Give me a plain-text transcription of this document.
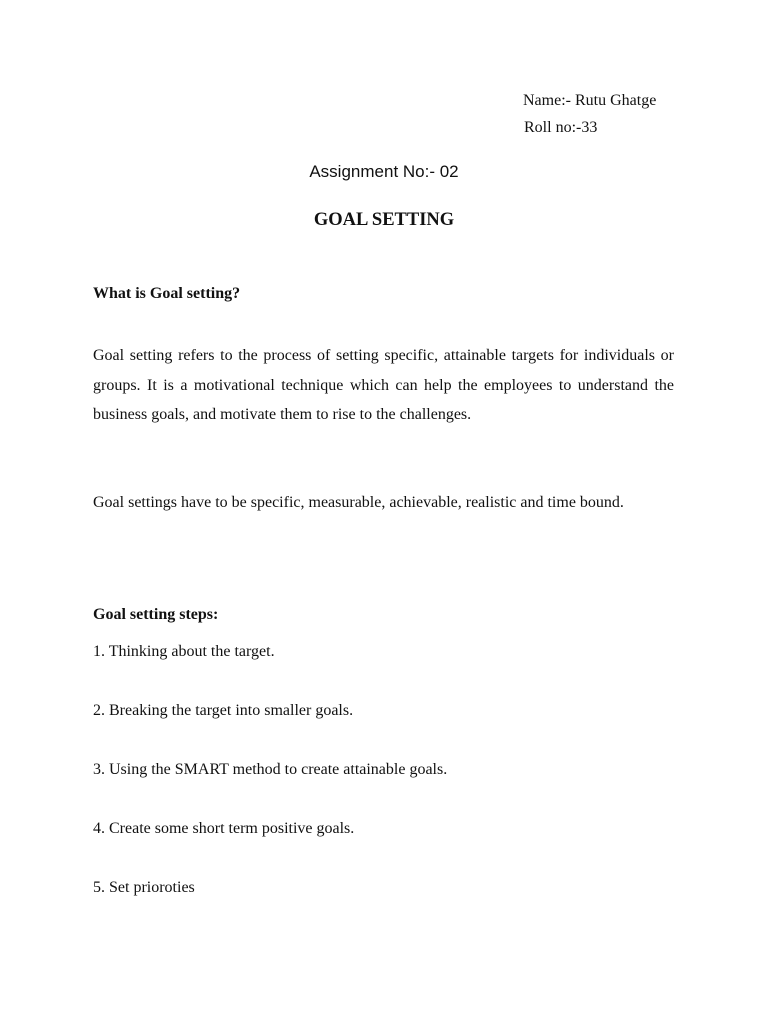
Name:- Rutu Ghatge
Roll no:-33
Assignment No:- 02
GOAL SETTING
What is Goal setting?

Goal setting refers to the process of setting specific, attainable targets for individuals or groups. It is a motivational technique which can help the employees to understand the business goals, and motivate them to rise to the challenges.

Goal settings have to be specific, measurable, achievable, realistic and time bound.

Goal setting steps:
1. Thinking about the target.
2. Breaking the target into smaller goals.
3. Using the SMART method to create attainable goals.
4. Create some short term positive goals.
5. Set prioroties
